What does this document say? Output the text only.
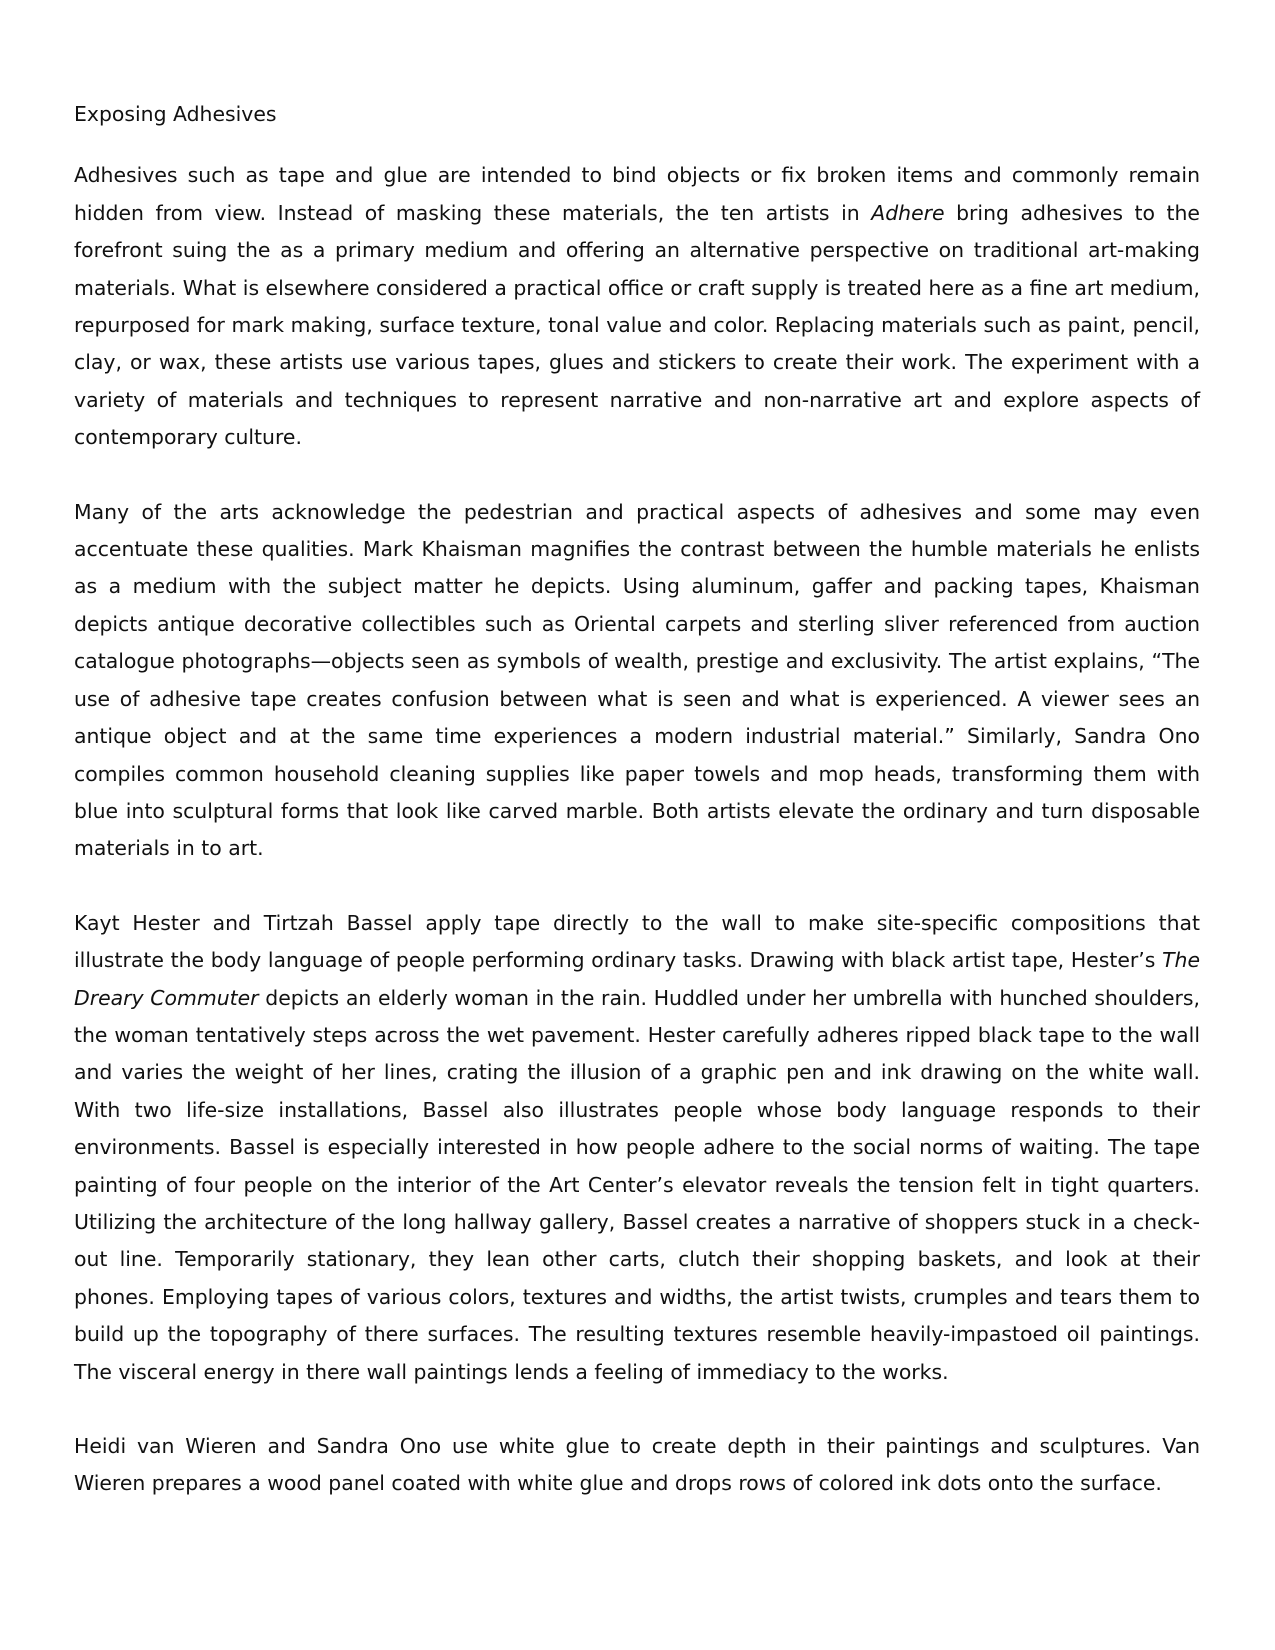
Exposing Adhesives

Adhesives such as tape and glue are intended to bind objects or fix broken items and commonly remain hidden from view. Instead of masking these materials, the ten artists in Adhere bring adhesives to the forefront suing the as a primary medium and offering an alternative perspective on traditional art-making materials. What is elsewhere considered a practical office or craft supply is treated here as a fine art medium, repurposed for mark making, surface texture, tonal value and color. Replacing materials such as paint, pencil, clay, or wax, these artists use various tapes, glues and stickers to create their work. The experiment with a variety of materials and techniques to represent narrative and non-narrative art and explore aspects of contemporary culture.

Many of the arts acknowledge the pedestrian and practical aspects of adhesives and some may even accentuate these qualities. Mark Khaisman magnifies the contrast between the humble materials he enlists as a medium with the subject matter he depicts. Using aluminum, gaffer and packing tapes, Khaisman depicts antique decorative collectibles such as Oriental carpets and sterling sliver referenced from auction catalogue photographs—objects seen as symbols of wealth, prestige and exclusivity. The artist explains, “The use of adhesive tape creates confusion between what is seen and what is experienced. A viewer sees an antique object and at the same time experiences a modern industrial material.” Similarly, Sandra Ono compiles common household cleaning supplies like paper towels and mop heads, transforming them with blue into sculptural forms that look like carved marble. Both artists elevate the ordinary and turn disposable materials in to art.

Kayt Hester and Tirtzah Bassel apply tape directly to the wall to make site-specific compositions that illustrate the body language of people performing ordinary tasks. Drawing with black artist tape, Hester’s The Dreary Commuter depicts an elderly woman in the rain. Huddled under her umbrella with hunched shoulders, the woman tentatively steps across the wet pavement. Hester carefully adheres ripped black tape to the wall and varies the weight of her lines, crating the illusion of a graphic pen and ink drawing on the white wall. With two life-size installations, Bassel also illustrates people whose body language responds to their environments. Bassel is especially interested in how people adhere to the social norms of waiting. The tape painting of four people on the interior of the Art Center’s elevator reveals the tension felt in tight quarters. Utilizing the architecture of the long hallway gallery, Bassel creates a narrative of shoppers stuck in a check-out line. Temporarily stationary, they lean other carts, clutch their shopping baskets, and look at their phones. Employing tapes of various colors, textures and widths, the artist twists, crumples and tears them to build up the topography of there surfaces. The resulting textures resemble heavily-impastoed oil paintings. The visceral energy in there wall paintings lends a feeling of immediacy to the works.

Heidi van Wieren and Sandra Ono use white glue to create depth in their paintings and sculptures. Van Wieren prepares a wood panel coated with white glue and drops rows of colored ink dots onto the surface.
